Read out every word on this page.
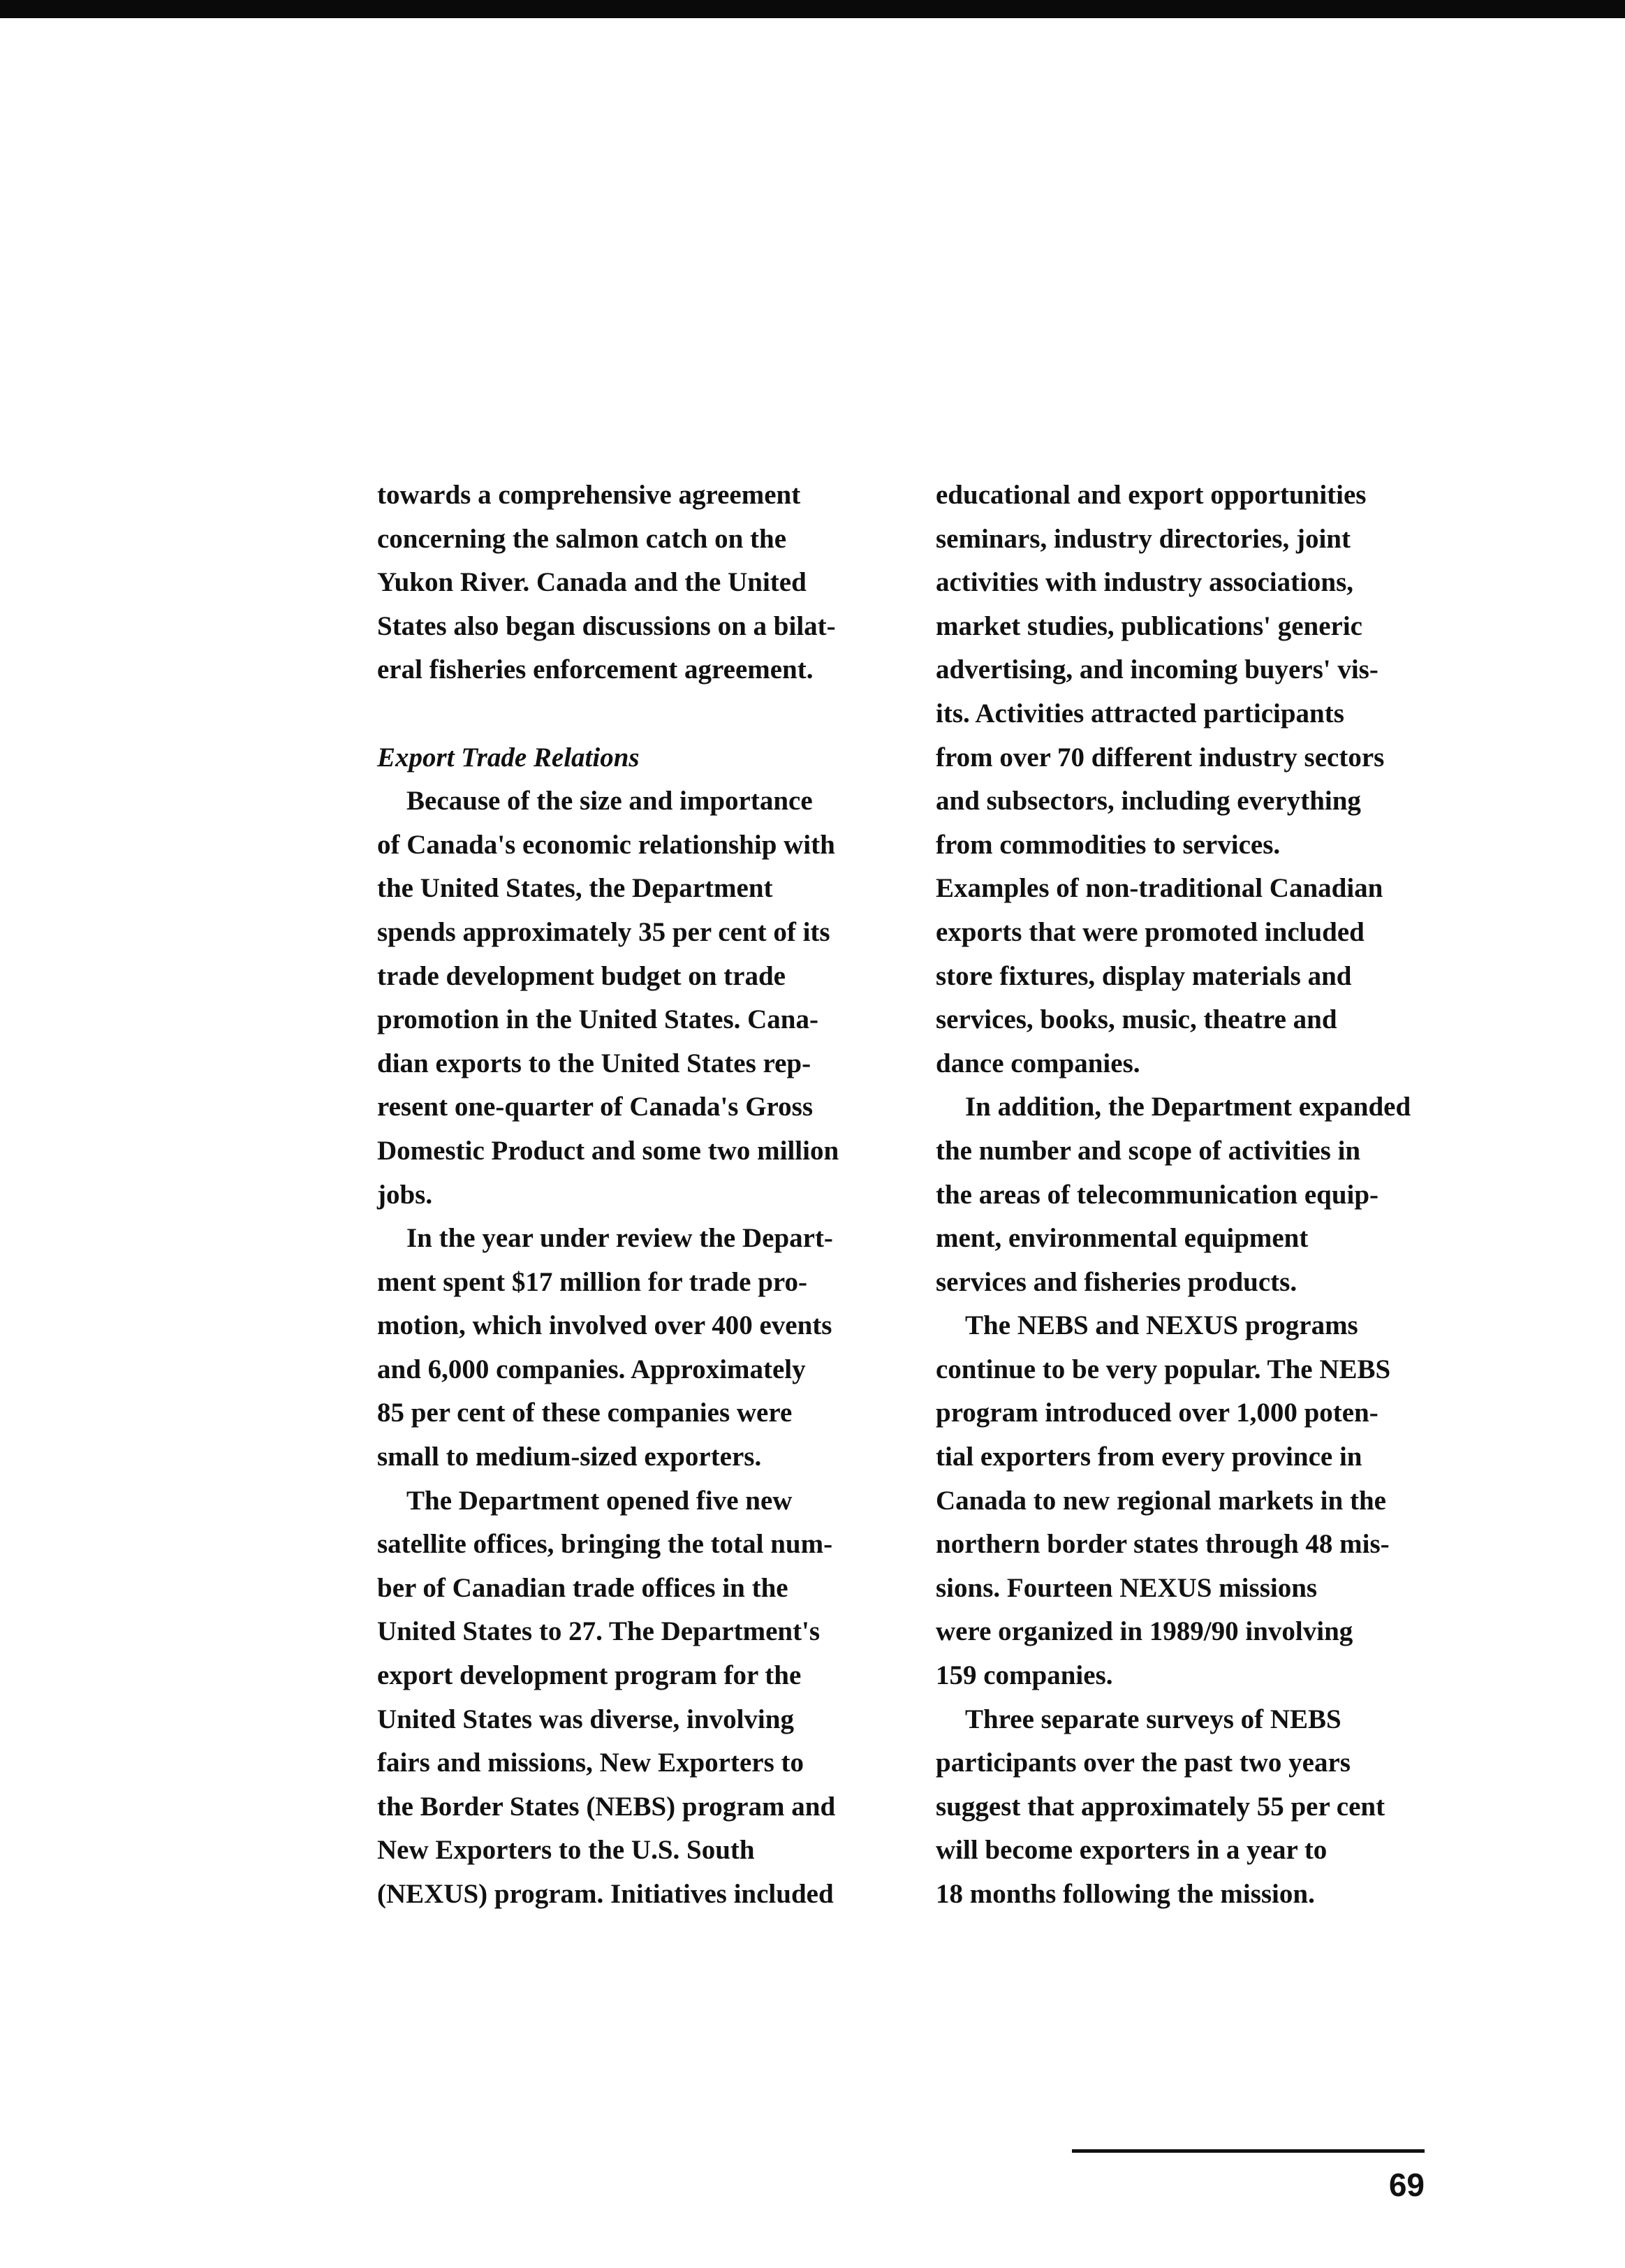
towards a comprehensive agreement
concerning the salmon catch on the
Yukon River. Canada and the United
States also began discussions on a bilat-
eral fisheries enforcement agreement.

Export Trade Relations

Because of the size and importance
of Canada's economic relationship with
the United States, the Department
spends approximately 35 per cent of its
trade development budget on trade
promotion in the United States. Cana-
dian exports to the United States rep-
resent one-quarter of Canada's Gross
Domestic Product and some two million
jobs.

In the year under review the Depart-
ment spent $17 million for trade pro-
motion, which involved over 400 events
and 6,000 companies. Approximately
85 per cent of these companies were
small to medium-sized exporters.

The Department opened five new
satellite offices, bringing the total num-
ber of Canadian trade offices in the
United States to 27. The Department's
export development program for the
United States was diverse, involving
fairs and missions, New Exporters to
the Border States (NEBS) program and
New Exporters to the U.S. South
(NEXUS) program. Initiatives included

educational and export opportunities
seminars, industry directories, joint
activities with industry associations,
market studies, publications' generic
advertising, and incoming buyers' vis-
its. Activities attracted participants
from over 70 different industry sectors
and subsectors, including everything
from commodities to services.
Examples of non-traditional Canadian
exports that were promoted included
store fixtures, display materials and
services, books, music, theatre and
dance companies.

In addition, the Department expanded
the number and scope of activities in
the areas of telecommunication equip-
ment, environmental equipment
services and fisheries products.

The NEBS and NEXUS programs
continue to be very popular. The NEBS
program introduced over 1,000 poten-
tial exporters from every province in
Canada to new regional markets in the
northern border states through 48 mis-
sions. Fourteen NEXUS missions
were organized in 1989/90 involving
159 companies.

Three separate surveys of NEBS
participants over the past two years
suggest that approximately 55 per cent
will become exporters in a year to
18 months following the mission.

69
